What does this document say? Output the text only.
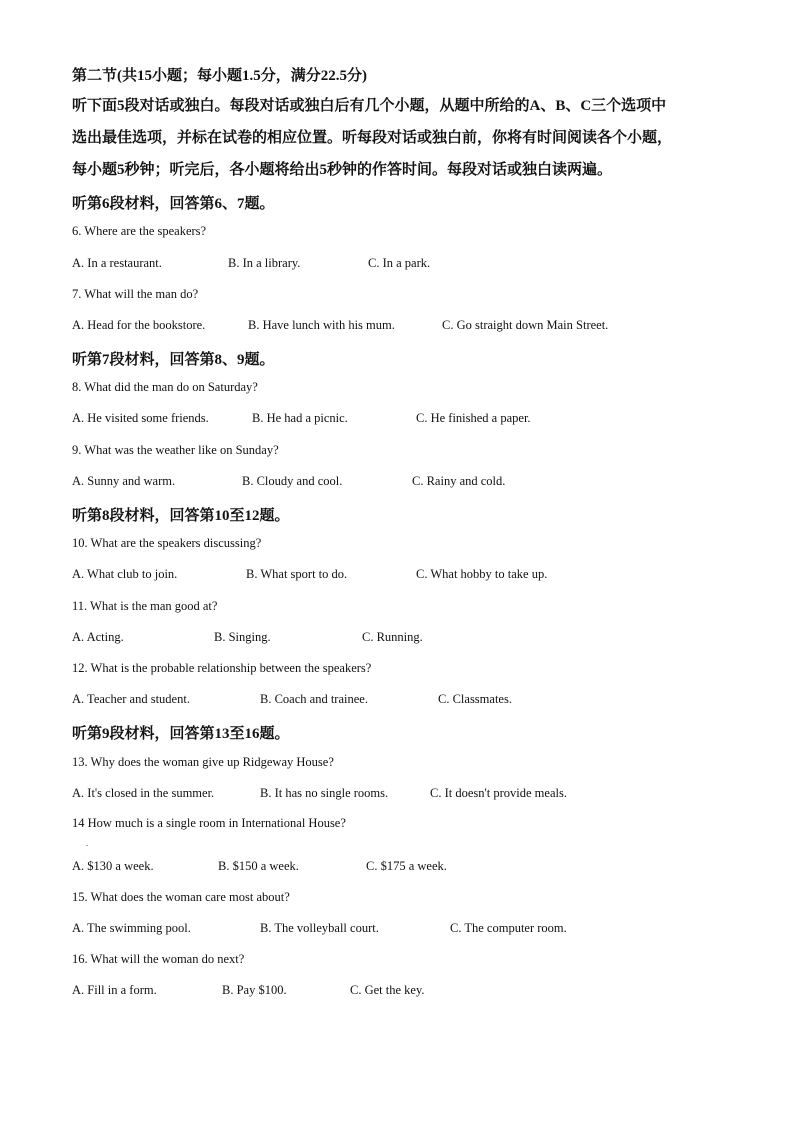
第二节(共15小题；每小题1.5分，满分22.5分)
听下面5段对话或独白。每段对话或独白后有几个小题，从题中所给的A、B、C三个选项中
选出最佳选项，并标在试卷的相应位置。听每段对话或独白前，你将有时间阅读各个小题，
每小题5秒钟；听完后，各小题将给出5秒钟的作答时间。每段对话或独白读两遍。
听第6段材料，回答第6、7题。
6. Where are the speakers?
A. In a restaurant.	B. In a library.	C. In a park.
7. What will the man do?
A. Head for the bookstore.	B. Have lunch with his mum.	C. Go straight down Main Street.
听第7段材料，回答第8、9题。
8. What did the man do on Saturday?
A. He visited some friends.	B. He had a picnic.	C. He finished a paper.
9. What was the weather like on Sunday?
A. Sunny and warm.	B. Cloudy and cool.	C. Rainy and cold.
听第8段材料，回答第10至12题。
10. What are the speakers discussing?
A. What club to join.	B. What sport to do.	C. What hobby to take up.
11. What is the man good at?
A. Acting.	B. Singing.	C. Running.
12. What is the probable relationship between the speakers?
A. Teacher and student.	B. Coach and trainee.	C. Classmates.
听第9段材料，回答第13至16题。
13. Why does the woman give up Ridgeway House?
A. It's closed in the summer.	B. It has no single rooms.	C. It doesn't provide meals.
14 How much is a single room in International House?
.
A. $130 a week.	B. $150 a week.	C. $175 a week.
15. What does the woman care most about?
A. The swimming pool.	B. The volleyball court.	C. The computer room.
16. What will the woman do next?
A. Fill in a form.	B. Pay $100.	C. Get the key.
